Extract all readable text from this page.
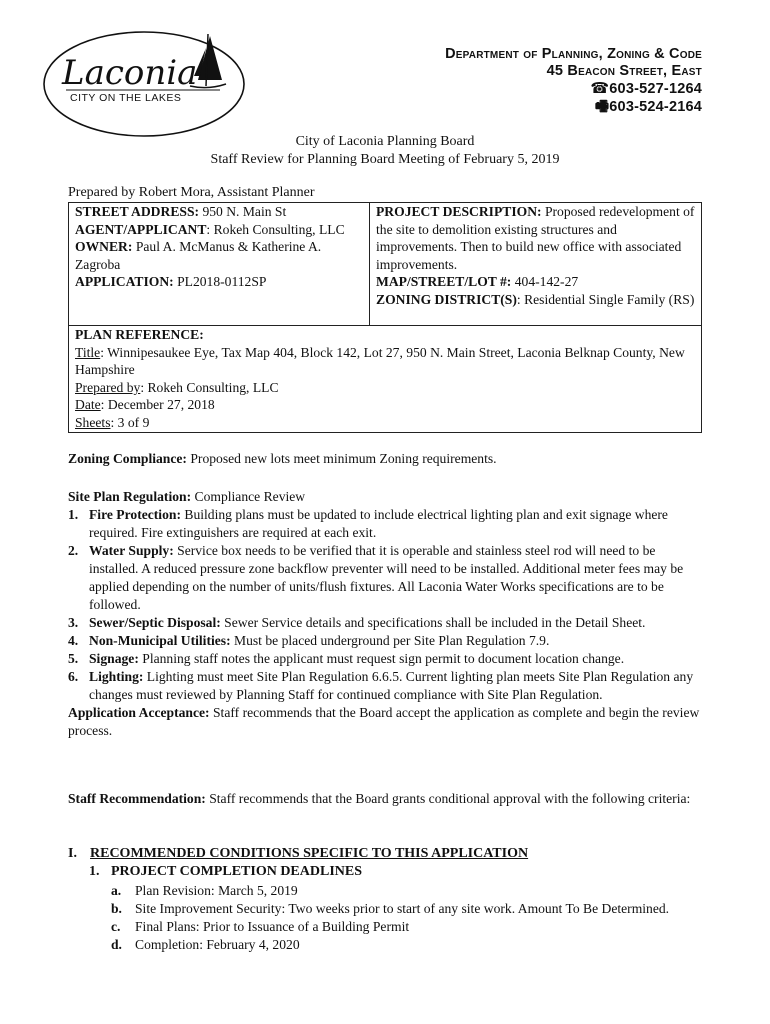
Laconia
CITY ON THE LAKES
Department of Planning, Zoning & Code
45 Beacon Street, East
☎603-527-1264
🖷603-524-2164
City of Laconia Planning Board
Staff Review for Planning Board Meeting of February 5, 2019
Prepared by Robert Mora, Assistant Planner
STREET ADDRESS: 950 N. Main St
AGENT/APPLICANT: Rokeh Consulting, LLC
OWNER: Paul A. McManus & Katherine A. Zagroba
APPLICATION: PL2018-0112SP

PROJECT DESCRIPTION: Proposed redevelopment of the site to demolition existing structures and improvements. Then to build new office with associated improvements.
MAP/STREET/LOT #: 404-142-27
ZONING DISTRICT(S): Residential Single Family (RS)

PLAN REFERENCE:
Title: Winnipesaukee Eye, Tax Map 404, Block 142, Lot 27, 950 N. Main Street, Laconia Belknap County, New Hampshire
Prepared by: Rokeh Consulting, LLC
Date: December 27, 2018
Sheets: 3 of 9
Zoning Compliance: Proposed new lots meet minimum Zoning requirements.
Site Plan Regulation: Compliance Review
1. Fire Protection: Building plans must be updated to include electrical lighting plan and exit signage where required. Fire extinguishers are required at each exit.
2. Water Supply: Service box needs to be verified that it is operable and stainless steel rod will need to be installed. A reduced pressure zone backflow preventer will need to be installed. Additional meter fees may be applied depending on the number of units/flush fixtures. All Laconia Water Works specifications are to be followed.
3. Sewer/Septic Disposal: Sewer Service details and specifications shall be included in the Detail Sheet.
4. Non-Municipal Utilities: Must be placed underground per Site Plan Regulation 7.9.
5. Signage: Planning staff notes the applicant must request sign permit to document location change.
6. Lighting: Lighting must meet Site Plan Regulation 6.6.5. Current lighting plan meets Site Plan Regulation any changes must reviewed by Planning Staff for continued compliance with Site Plan Regulation.
Application Acceptance: Staff recommends that the Board accept the application as complete and begin the review process.
Staff Recommendation: Staff recommends that the Board grants conditional approval with the following criteria:
I. RECOMMENDED CONDITIONS SPECIFIC TO THIS APPLICATION
1. PROJECT COMPLETION DEADLINES
a. Plan Revision: March 5, 2019
b. Site Improvement Security: Two weeks prior to start of any site work. Amount To Be Determined.
c. Final Plans: Prior to Issuance of a Building Permit
d. Completion: February 4, 2020
